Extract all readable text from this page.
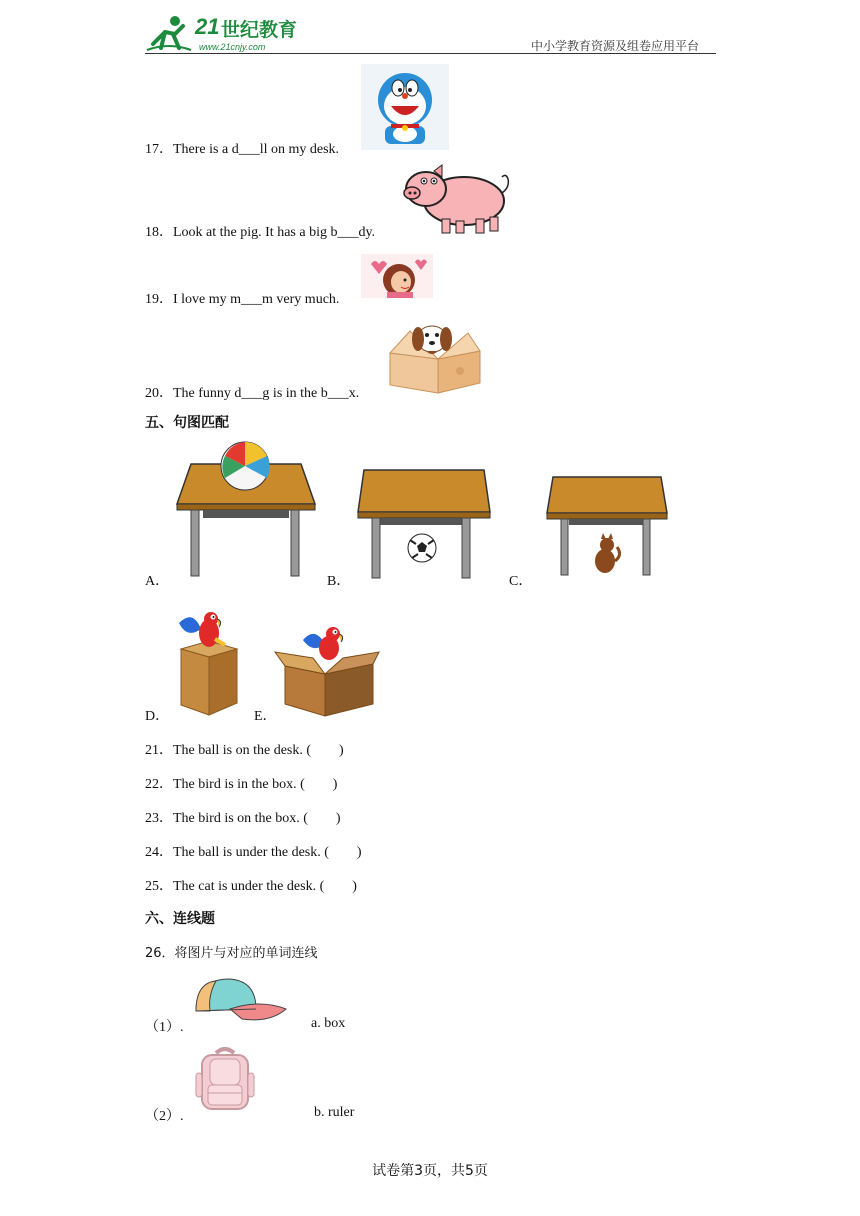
21 世纪教育
www.21cnjy.com	中小学教育资源及组卷应用平台
17．There is a d___ll on my desk.
18．Look at the pig. It has a big b___dy.
19．I love my m___m very much.
20．The funny d___g is in the b___x.
五、句图匹配
A．	B．	C．
D．	E．
21．The ball is on the desk. (　　)
22．The bird is in the box. (　　)
23．The bird is on the box. (　　)
24．The ball is under the desk. (　　)
25．The cat is under the desk. (　　)
六、连线题
26．将图片与对应的单词连线
（1）.	a. box
（2）.	b. ruler
试卷第3页，共5页
